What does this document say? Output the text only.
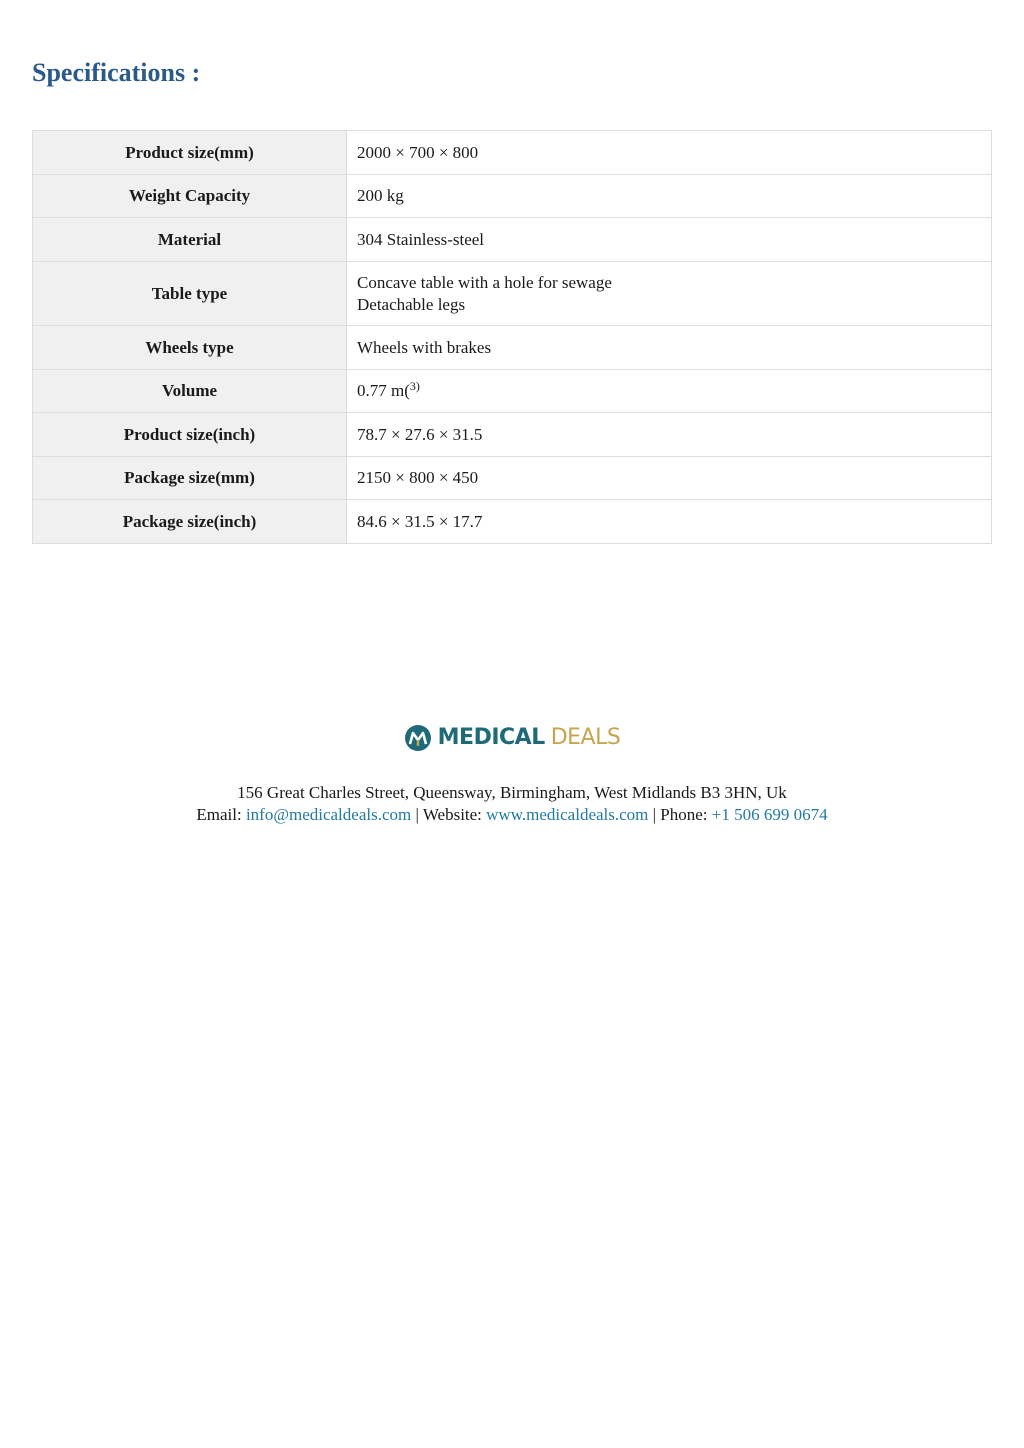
Specifications :
Product size(mm)	2000 × 700 × 800
Weight Capacity	200 kg
Material	304 Stainless-steel
Table type	Concave table with a hole for sewage
Detachable legs

Wheels type	Wheels with brakes
Volume	0.77 m($^{3)}$
Product size(inch)	78.7 × 27.6 × 31.5
Package size(mm)	2150 × 800 × 450
Package size(inch)	84.6 × 31.5 × 17.7
MEDICAL DEALS
156 Great Charles Street, Queensway, Birmingham, West Midlands B3 3HN, Uk
Email: info@medicaldeals.com | Website: www.medicaldeals.com | Phone: +1 506 699 0674
